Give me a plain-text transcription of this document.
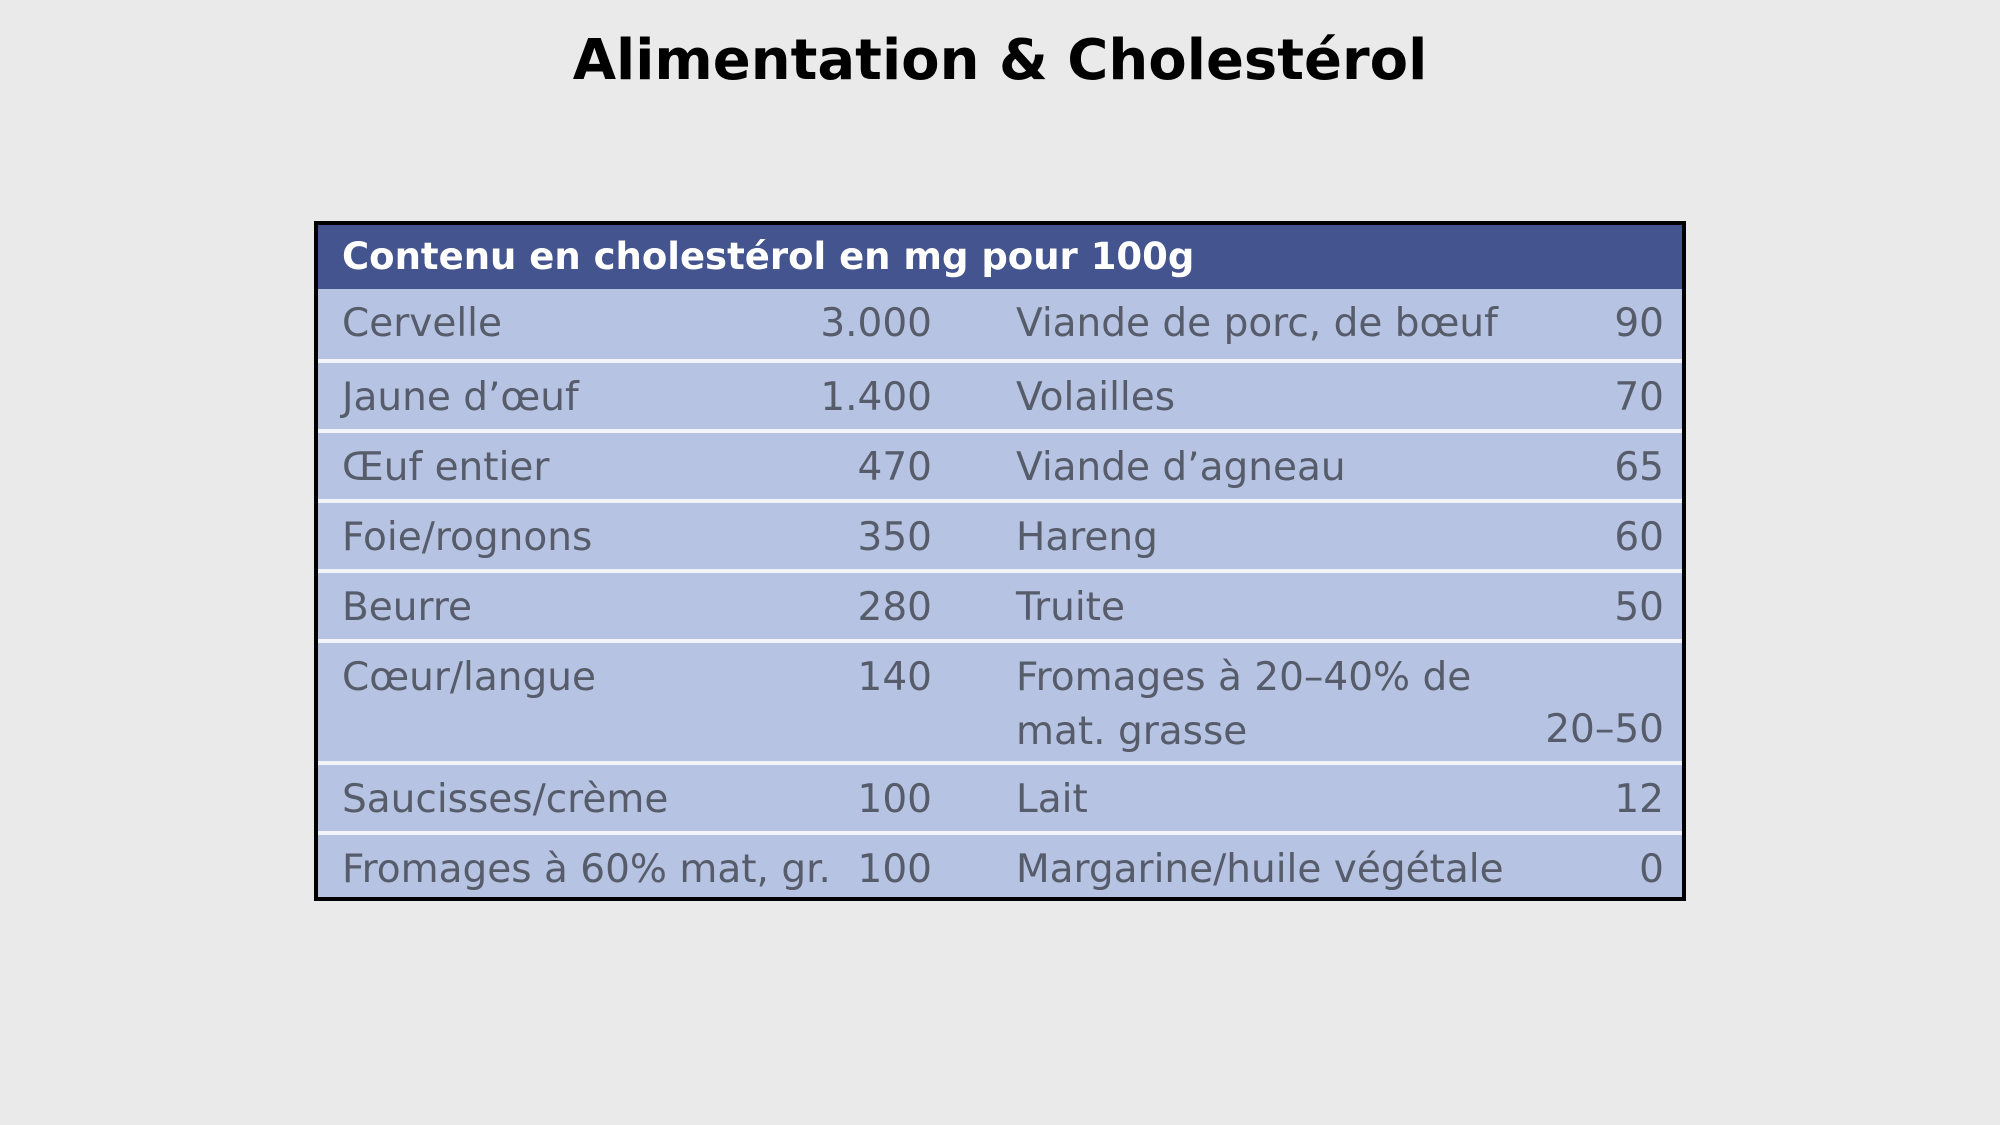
Alimentation & Cholestérol
Contenu en cholestérol en mg pour 100g
Cervelle	3.000 Viande de porc, de bœuf	90
Jaune d’œuf	1.400 Volailles	70
Œuf entier	470 Viande d’agneau	65
Foie/rognons	350 Hareng	60
Beurre	280 Truite	50
Cœur/langue	140 Fromages à 20–40% de mat. grasse	20–50
Saucisses/crème	100 Lait	12
Fromages à 60% mat, gr. 100 Margarine/huile végétale	0
